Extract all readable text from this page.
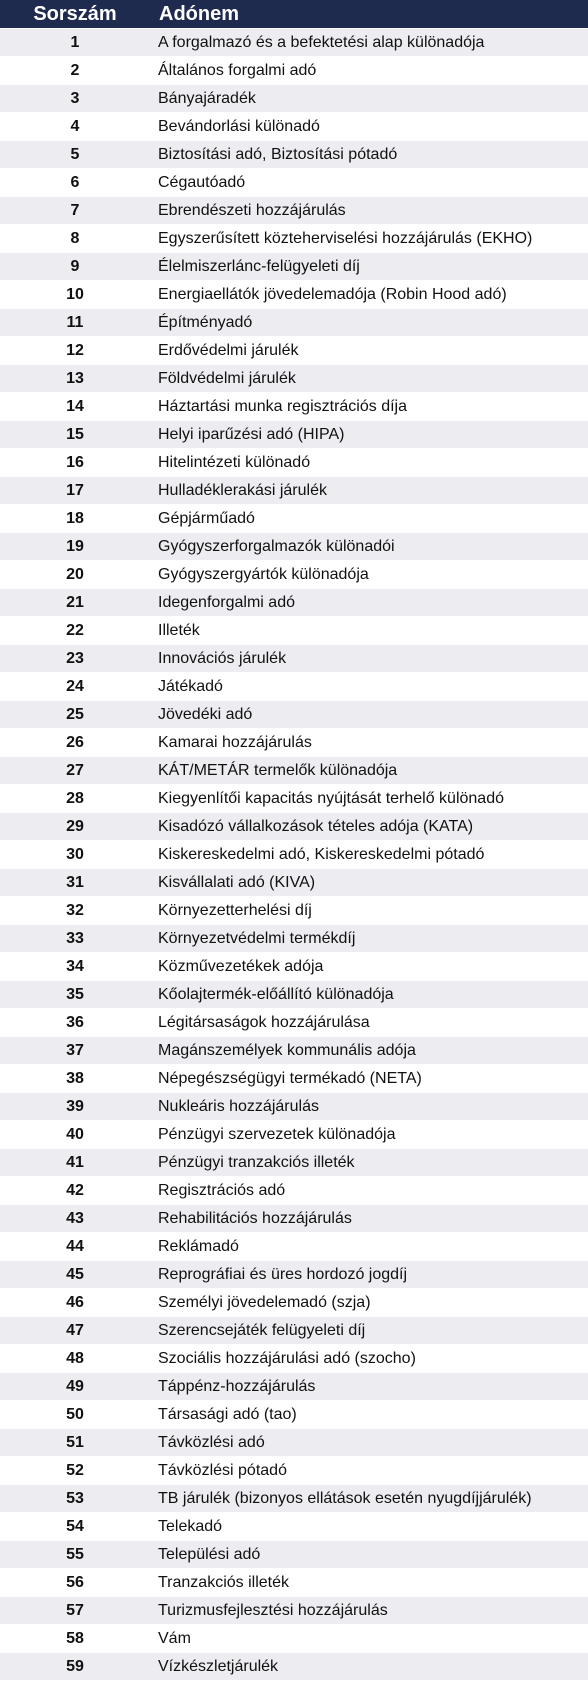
Sorszám	Adónem
1	A forgalmazó és a befektetési alap különadója
2	Általános forgalmi adó
3	Bányajáradék
4	Bevándorlási különadó
5	Biztosítási adó, Biztosítási pótadó
6	Cégautóadó
7	Ebrendészeti hozzájárulás
8	Egyszerűsített közteherviselési hozzájárulás (EKHO)
9	Élelmiszerlánc-felügyeleti díj
10	Energiaellátók jövedelemadója (Robin Hood adó)
11	Építményadó
12	Erdővédelmi járulék
13	Földvédelmi járulék
14	Háztartási munka regisztrációs díja
15	Helyi iparűzési adó (HIPA)
16	Hitelintézeti különadó
17	Hulladéklerakási járulék
18	Gépjárműadó
19	Gyógyszerforgalmazók különadói
20	Gyógyszergyártók különadója
21	Idegenforgalmi adó
22	Illeték
23	Innovációs járulék
24	Játékadó
25	Jövedéki adó
26	Kamarai hozzájárulás
27	KÁT/METÁR termelők különadója
28	Kiegyenlítői kapacitás nyújtását terhelő különadó
29	Kisadózó vállalkozások tételes adója (KATA)
30	Kiskereskedelmi adó, Kiskereskedelmi pótadó
31	Kisvállalati adó (KIVA)
32	Környezetterhelési díj
33	Környezetvédelmi termékdíj
34	Közművezetékek adója
35	Kőolajtermék-előállító különadója
36	Légitársaságok hozzájárulása
37	Magánszemélyek kommunális adója
38	Népegészségügyi termékadó (NETA)
39	Nukleáris hozzájárulás
40	Pénzügyi szervezetek különadója
41	Pénzügyi tranzakciós illeték
42	Regisztrációs adó
43	Rehabilitációs hozzájárulás
44	Reklámadó
45	Reprográfiai és üres hordozó jogdíj
46	Személyi jövedelemadó (szja)
47	Szerencsejáték felügyeleti díj
48	Szociális hozzájárulási adó (szocho)
49	Táppénz-hozzájárulás
50	Társasági adó (tao)
51	Távközlési adó
52	Távközlési pótadó
53	TB járulék (bizonyos ellátások esetén nyugdíjjárulék)
54	Telekadó
55	Települési adó
56	Tranzakciós illeték
57	Turizmusfejlesztési hozzájárulás
58	Vám
59	Vízkészletjárulék
